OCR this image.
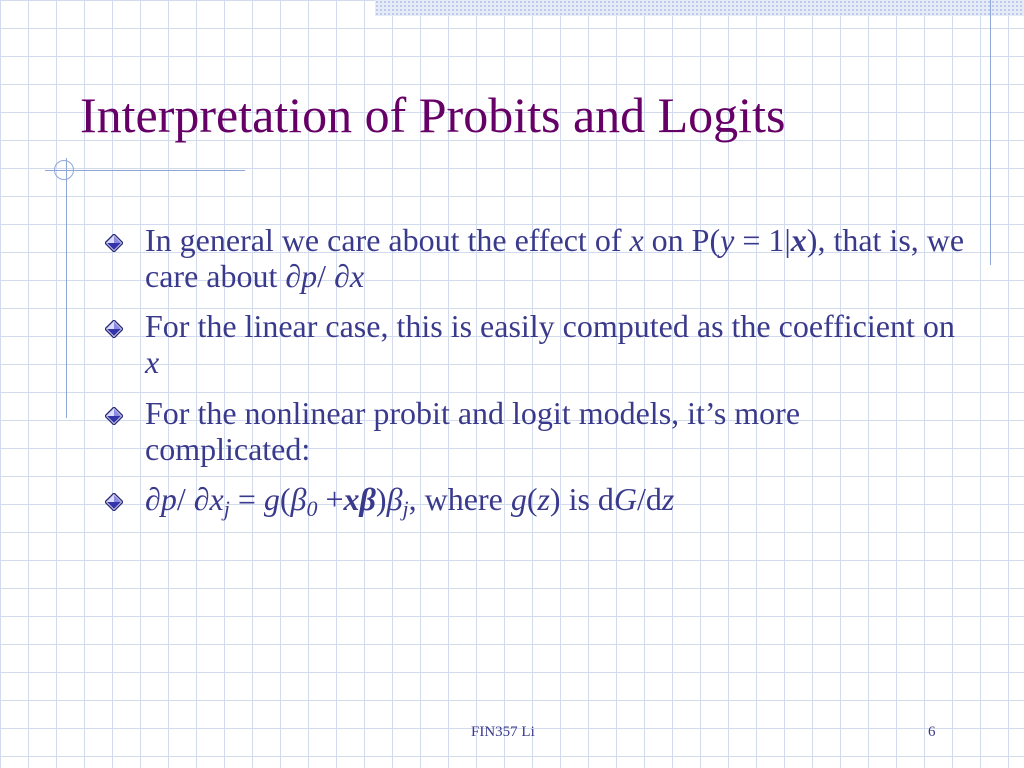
Interpretation of Probits and Logits
In general we care about the effect of x on P(y = 1|x), that is, we care about ∂p/ ∂x
For the linear case, this is easily computed as the coefficient on x
For the nonlinear probit and logit models, it’s more complicated:
∂p/ $\partial x_j = g(\beta_0 +x\beta)\beta_j$, where g(z) is dG/dz
FIN357 Li	6
